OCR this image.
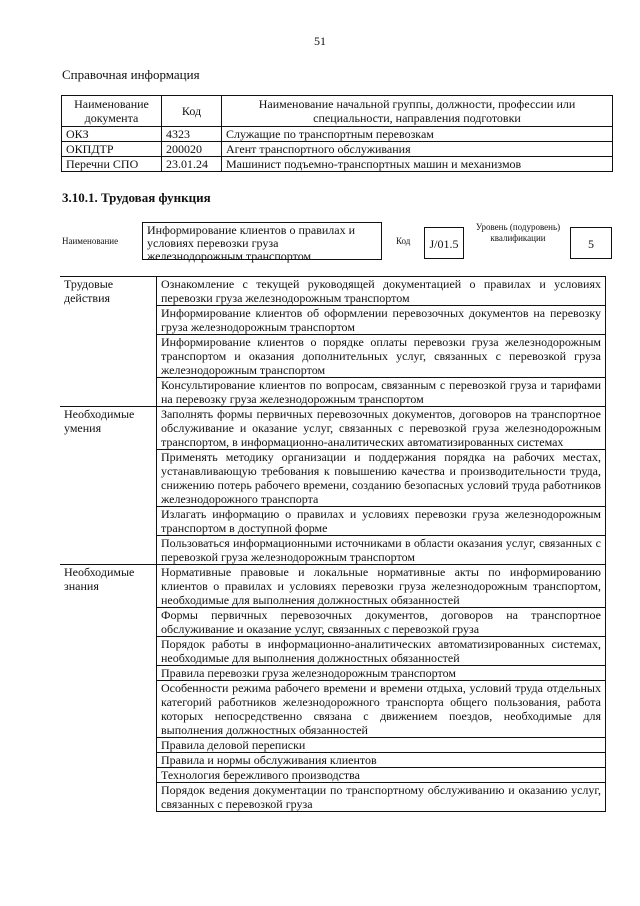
51
Справочная информация
Наименование документа	Код	Наименование начальной группы, должности, профессии или специальности, направления подготовки
ОКЗ	4323	Служащие по транспортным перевозкам
ОКПДТР	200020	Агент транспортного обслуживания
Перечни СПО	23.01.24	Машинист подъемно-транспортных машин и механизмов
3.10.1. Трудовая функция
Наименование
Информирование клиентов о правилах и условиях перевозки груза железнодорожным транспортом
Код	J/01.5
Уровень (подуровень) квалификации	5
Трудовые действия	Ознакомление с текущей руководящей документацией о правилах и условиях перевозки груза железнодорожным транспортом
	Информирование клиентов об оформлении перевозочных документов на перевозку груза железнодорожным транспортом
	Информирование клиентов о порядке оплаты перевозки груза железнодорожным транспортом и оказания дополнительных услуг, связанных с перевозкой груза железнодорожным транспортом
	Консультирование клиентов по вопросам, связанным с перевозкой груза и тарифами на перевозку груза железнодорожным транспортом
Необходимые умения	Заполнять формы первичных перевозочных документов, договоров на транспортное обслуживание и оказание услуг, связанных с перевозкой груза железнодорожным транспортом, в информационно-аналитических автоматизированных системах
	Применять методику организации и поддержания порядка на рабочих местах, устанавливающую требования к повышению качества и производительности труда, снижению потерь рабочего времени, созданию безопасных условий труда работников железнодорожного транспорта
	Излагать информацию о правилах и условиях перевозки груза железнодорожным транспортом в доступной форме
	Пользоваться информационными источниками в области оказания услуг, связанных с перевозкой груза железнодорожным транспортом
Необходимые знания	Нормативные правовые и локальные нормативные акты по информированию клиентов о правилах и условиях перевозки груза железнодорожным транспортом, необходимые для выполнения должностных обязанностей
	Формы первичных перевозочных документов, договоров на транспортное обслуживание и оказание услуг, связанных с перевозкой груза
	Порядок работы в информационно-аналитических автоматизированных системах, необходимые для выполнения должностных обязанностей
	Правила перевозки груза железнодорожным транспортом
	Особенности режима рабочего времени и времени отдыха, условий труда отдельных категорий работников железнодорожного транспорта общего пользования, работа которых непосредственно связана с движением поездов, необходимые для выполнения должностных обязанностей
	Правила деловой переписки
	Правила и нормы обслуживания клиентов
	Технология бережливого производства
	Порядок ведения документации по транспортному обслуживанию и оказанию услуг, связанных с перевозкой груза
